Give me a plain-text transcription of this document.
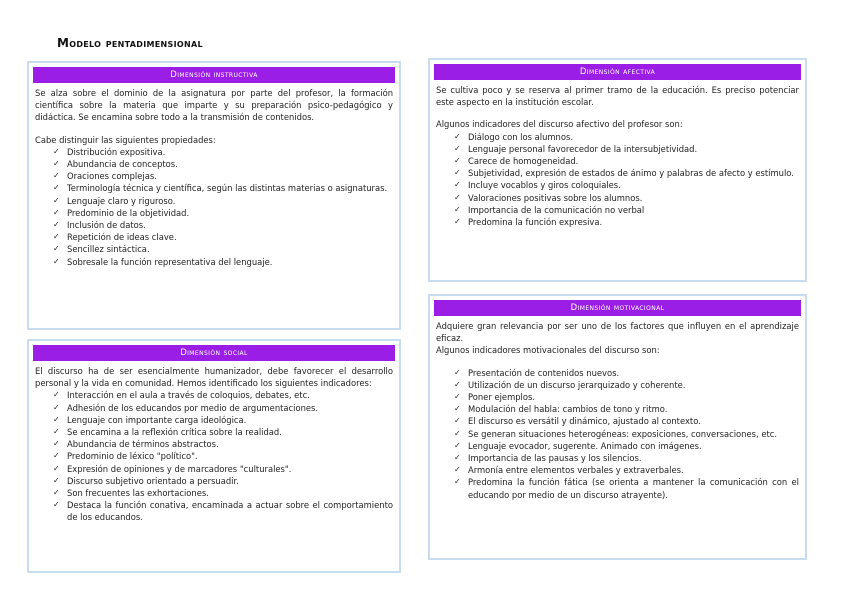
Modelo pentadimensional
Dimensión instructiva

Se alza sobre el dominio de la asignatura por parte del profesor, la formación científica sobre la materia que imparte y su preparación psico-pedagógico y didáctica. Se encamina sobre todo a la transmisión de contenidos.

Cabe distinguir las siguientes propiedades:

✓ Distribución expositiva.
✓ Abundancia de conceptos.
✓ Oraciones complejas.
✓ Terminología técnica y científica, según las distintas materias o asignaturas.
✓ Lenguaje claro y riguroso.
✓ Predominio de la objetividad.
✓ Inclusión de datos.
✓ Repetición de ideas clave.
✓ Sencillez sintáctica.
✓ Sobresale la función representativa del lenguaje.
Dimensión social

El discurso ha de ser esencialmente humanizador, debe favorecer el desarrollo personal y la vida en comunidad. Hemos identificado los siguientes indicadores:

✓ Interacción en el aula a través de coloquios, debates, etc.
✓ Adhesión de los educandos por medio de argumentaciones.
✓ Lenguaje con importante carga ideológica.
✓ Se encamina a la reflexión crítica sobre la realidad.
✓ Abundancia de términos abstractos.
✓ Predominio de léxico "político".
✓ Expresión de opiniones y de marcadores "culturales".
✓ Discurso subjetivo orientado a persuadir.
✓ Son frecuentes las exhortaciones.
✓ Destaca la función conativa, encaminada a actuar sobre el comportamiento de los educandos.
Dimensión afectiva

Se cultiva poco y se reserva al primer tramo de la educación. Es preciso potenciar este aspecto en la institución escolar.

Algunos indicadores del discurso afectivo del profesor son:

✓ Diálogo con los alumnos.
✓ Lenguaje personal favorecedor de la intersubjetividad.
✓ Carece de homogeneidad.
✓ Subjetividad, expresión de estados de ánimo y palabras de afecto y estímulo.
✓ Incluye vocablos y giros coloquiales.
✓ Valoraciones positivas sobre los alumnos.
✓ Importancia de la comunicación no verbal
✓ Predomina la función expresiva.
Dimensión motivacional

Adquiere gran relevancia por ser uno de los factores que influyen en el aprendizaje eficaz.

Algunos indicadores motivacionales del discurso son:

✓ Presentación de contenidos nuevos.
✓ Utilización de un discurso jerarquizado y coherente.
✓ Poner ejemplos.
✓ Modulación del habla: cambios de tono y ritmo.
✓ El discurso es versátil y dinámico, ajustado al contexto.
✓ Se generan situaciones heterogéneas: exposiciones, conversaciones, etc.
✓ Lenguaje evocador, sugerente. Animado con imágenes.
✓ Importancia de las pausas y los silencios.
✓ Armonía entre elementos verbales y extraverbales.
✓ Predomina la función fática (se orienta a mantener la comunicación con el educando por medio de un discurso atrayente).
